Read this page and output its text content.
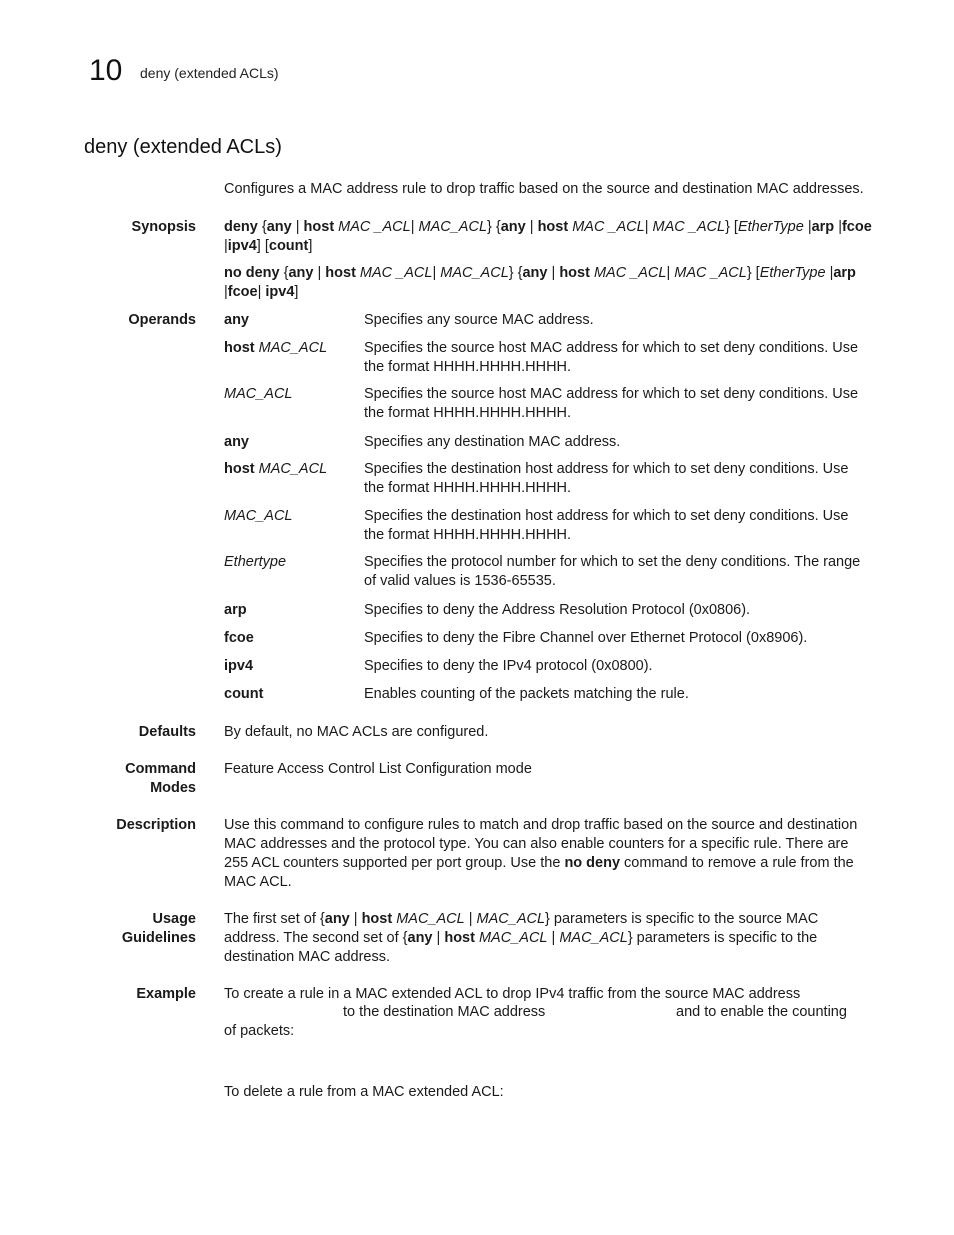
10 deny (extended ACLs)
deny (extended ACLs)
Configures a MAC address rule to drop traffic based on the source and destination MAC addresses.
Synopsis deny {any | host MAC _ACL| MAC_ACL} {any | host MAC _ACL| MAC _ACL} [EtherType |arp |fcoe |ipv4] [count]
no deny {any | host MAC _ACL| MAC_ACL} {any | host MAC _ACL| MAC _ACL} [EtherType |arp
|fcoe| ipv4]
Operands any	Specifies any source MAC address.
host MAC_ACL	Specifies the source host MAC address for which to set deny conditions. Use the format HHHH.HHHH.HHHH.
MAC_ACL	Specifies the source host MAC address for which to set deny conditions. Use the format HHHH.HHHH.HHHH.
any	Specifies any destination MAC address.
host MAC_ACL	Specifies the destination host address for which to set deny conditions. Use the format HHHH.HHHH.HHHH.
MAC_ACL	Specifies the destination host address for which to set deny conditions. Use the format HHHH.HHHH.HHHH.
Ethertype	Specifies the protocol number for which to set the deny conditions. The range of valid values is 1536-65535.
arp	Specifies to deny the Address Resolution Protocol (0x0806).
fcoe	Specifies to deny the Fibre Channel over Ethernet Protocol (0x8906).
ipv4	Specifies to deny the IPv4 protocol (0x0800).
count	Enables counting of the packets matching the rule.
Defaults By default, no MAC ACLs are configured.
Command
Modes
Feature Access Control List Configuration mode
Description Use this command to configure rules to match and drop traffic based on the source and destination MAC addresses and the protocol type. You can also enable counters for a specific rule. There are 255 ACL counters supported per port group. Use the no deny command to remove a rule from the MAC ACL.
Usage
Guidelines
The first set of {any | host MAC_ACL | MAC_ACL} parameters is specific to the source MAC address. The second set of {any | host MAC_ACL | MAC_ACL} parameters is specific to the destination MAC address.
Example To create a rule in a MAC extended ACL to drop IPv4 traffic from the source MAC address
to the destination MAC address	and to enable the counting
of packets:
To delete a rule from a MAC extended ACL:
